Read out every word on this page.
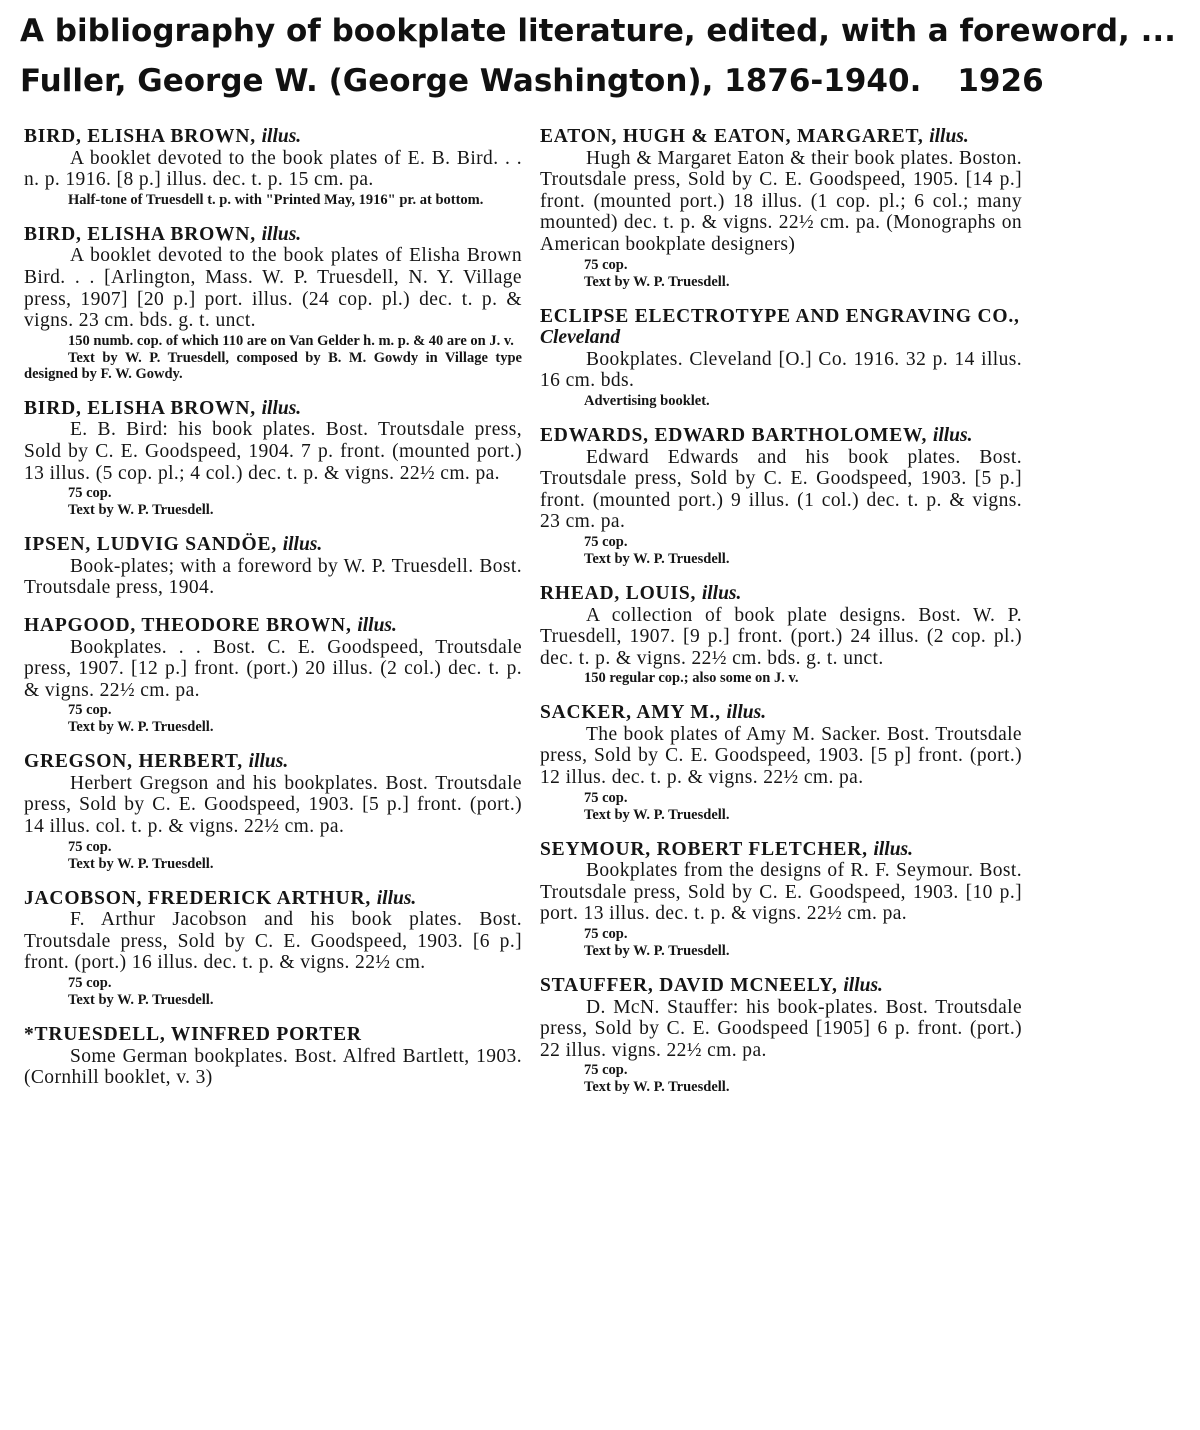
A bibliography of bookplate literature, edited, with a foreword, ...
Fuller, George W. (George Washington), 1876-1940. 1926
BIRD, ELISHA BROWN, illus.
A booklet devoted to the book plates of E. B. Bird. . . n. p. 1916. [8 p.] illus. dec. t. p. 15 cm. pa.
Half-tone of Truesdell t. p. with "Printed May, 1916" pr. at bottom.
BIRD, ELISHA BROWN, illus.
A booklet devoted to the book plates of Elisha Brown Bird. . . [Arlington, Mass. W. P. Truesdell, N. Y. Village press, 1907] [20 p.] port. illus. (24 cop. pl.) dec. t. p. & vigns. 23 cm. bds. g. t. unct.
150 numb. cop. of which 110 are on Van Gelder h. m. p. & 40 are on J. v.
Text by W. P. Truesdell, composed by B. M. Gowdy in Village type designed by F. W. Gowdy.
BIRD, ELISHA BROWN, illus.
E. B. Bird: his book plates. Bost. Troutsdale press, Sold by C. E. Goodspeed, 1904. 7 p. front. (mounted port.) 13 illus. (5 cop. pl.; 4 col.) dec. t. p. & vigns. 22½ cm. pa.
75 cop.
Text by W. P. Truesdell.
IPSEN, LUDVIG SANDÖE, illus.
Book-plates; with a foreword by W. P. Truesdell. Bost. Troutsdale press, 1904.
HAPGOOD, THEODORE BROWN, illus.
Bookplates. . . Bost. C. E. Goodspeed, Troutsdale press, 1907. [12 p.] front. (port.) 20 illus. (2 col.) dec. t. p. & vigns. 22½ cm. pa.
75 cop.
Text by W. P. Truesdell.
GREGSON, HERBERT, illus.
Herbert Gregson and his bookplates. Bost. Troutsdale press, Sold by C. E. Goodspeed, 1903. [5 p.] front. (port.) 14 illus. col. t. p. & vigns. 22½ cm. pa.
75 cop.
Text by W. P. Truesdell.
JACOBSON, FREDERICK ARTHUR, illus.
F. Arthur Jacobson and his book plates. Bost. Troutsdale press, Sold by C. E. Goodspeed, 1903. [6 p.] front. (port.) 16 illus. dec. t. p. & vigns. 22½ cm.
75 cop.
Text by W. P. Truesdell.
*TRUESDELL, WINFRED PORTER
Some German bookplates. Bost. Alfred Bartlett, 1903. (Cornhill booklet, v. 3)
EATON, HUGH & EATON, MARGARET, illus.
Hugh & Margaret Eaton & their book plates. Boston. Troutsdale press, Sold by C. E. Goodspeed, 1905. [14 p.] front. (mounted port.) 18 illus. (1 cop. pl.; 6 col.; many mounted) dec. t. p. & vigns. 22½ cm. pa. (Monographs on American bookplate designers)
75 cop.
Text by W. P. Truesdell.
ECLIPSE ELECTROTYPE AND ENGRAVING CO., Cleveland
Bookplates. Cleveland [O.] Co. 1916. 32 p. 14 illus. 16 cm. bds.
Advertising booklet.
EDWARDS, EDWARD BARTHOLOMEW, illus.
Edward Edwards and his book plates. Bost. Troutsdale press, Sold by C. E. Goodspeed, 1903. [5 p.] front. (mounted port.) 9 illus. (1 col.) dec. t. p. & vigns. 23 cm. pa.
75 cop.
Text by W. P. Truesdell.
RHEAD, LOUIS, illus.
A collection of book plate designs. Bost. W. P. Truesdell, 1907. [9 p.] front. (port.) 24 illus. (2 cop. pl.) dec. t. p. & vigns. 22½ cm. bds. g. t. unct.
150 regular cop.; also some on J. v.
SACKER, AMY M., illus.
The book plates of Amy M. Sacker. Bost. Troutsdale press, Sold by C. E. Goodspeed, 1903. [5 p] front. (port.) 12 illus. dec. t. p. & vigns. 22½ cm. pa.
75 cop.
Text by W. P. Truesdell.
SEYMOUR, ROBERT FLETCHER, illus.
Bookplates from the designs of R. F. Seymour. Bost. Troutsdale press, Sold by C. E. Goodspeed, 1903. [10 p.] port. 13 illus. dec. t. p. & vigns. 22½ cm. pa.
75 cop.
Text by W. P. Truesdell.
STAUFFER, DAVID MCNEELY, illus.
D. McN. Stauffer: his book-plates. Bost. Troutsdale press, Sold by C. E. Goodspeed [1905] 6 p. front. (port.) 22 illus. vigns. 22½ cm. pa.
75 cop.
Text by W. P. Truesdell.
